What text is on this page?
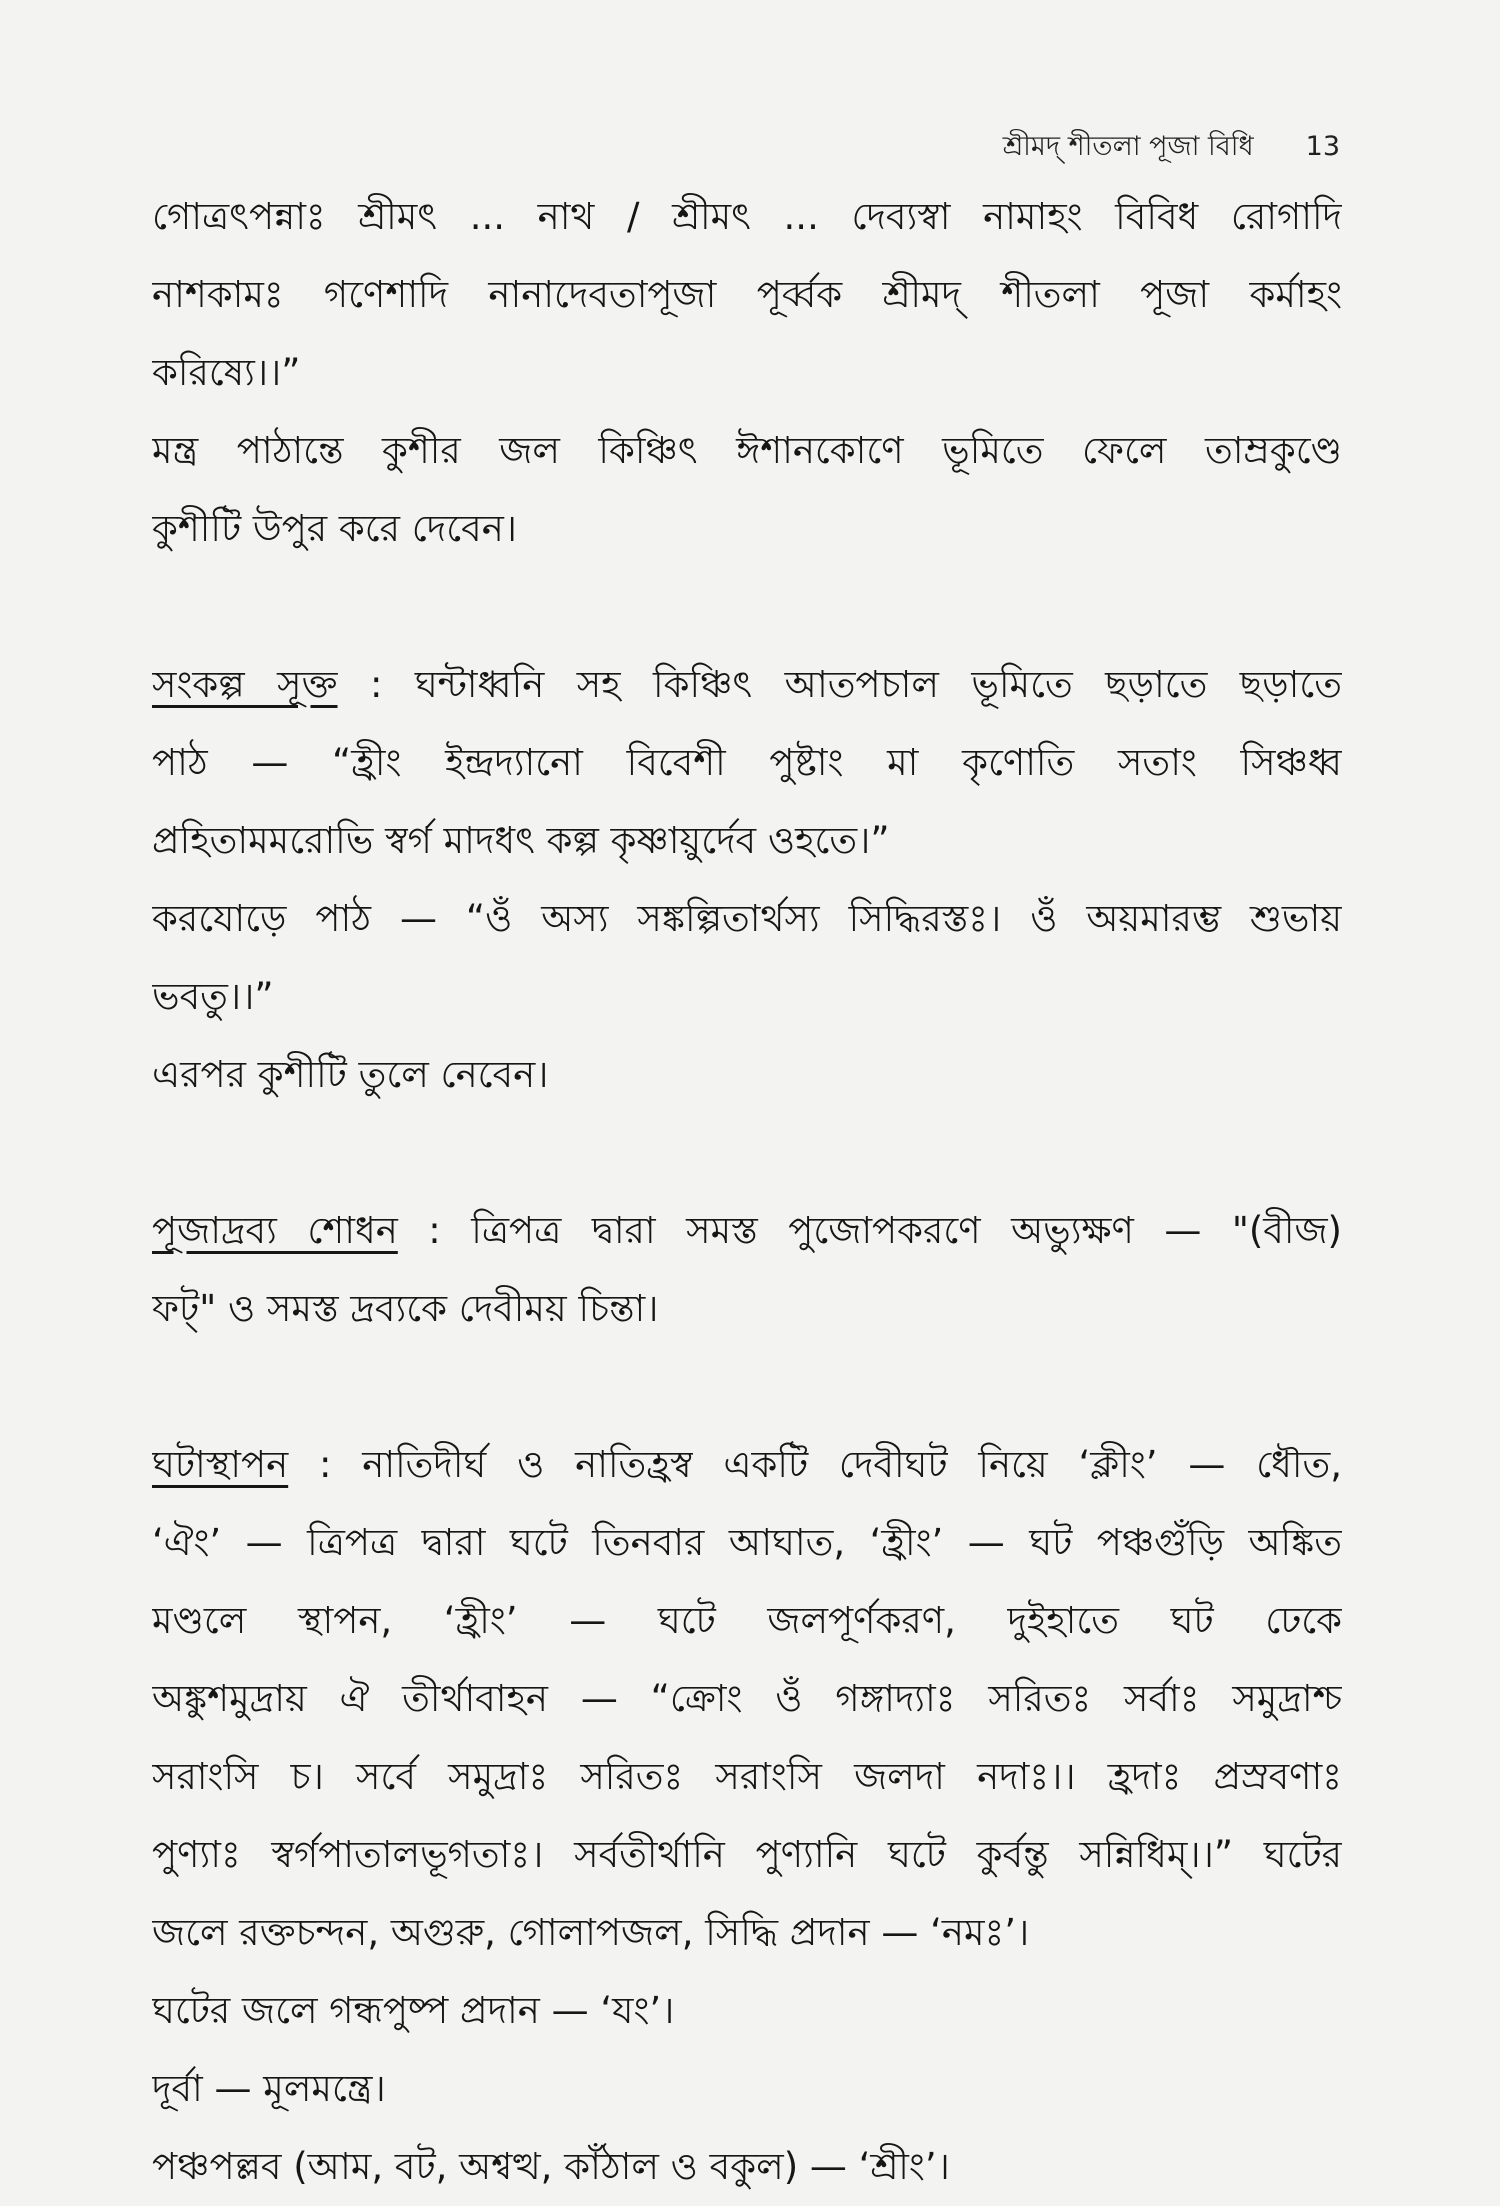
শ্রীমদ্ শীতলা পূজা বিধি 13
গোত্রৎপন্নাঃ শ্রীমৎ ... নাথ / শ্রীমৎ ... দেব্যস্বা নামাহং বিবিধ রোগাদি
নাশকামঃ গণেশাদি নানাদেবতাপূজা পূর্ব্বক শ্রীমদ্ শীতলা পূজা কর্মাহং
করিষ্যে।।”
মন্ত্র পাঠান্তে কুশীর জল কিঞ্চিৎ ঈশানকোণে ভূমিতে ফেলে তাম্রকুণ্ডে
কুশীটি উপুর করে দেবেন।
সংকল্প সূক্ত : ঘন্টাধ্বনি সহ কিঞ্চিৎ আতপচাল ভূমিতে ছড়াতে ছড়াতে
পাঠ — “হ্রীং ইন্দ্রদ্যানো বিবেশী পুষ্টাং মা কৃণোতি সতাং সিঞ্চধ্ব
প্রহিতামমরোভি স্বর্গ মাদধৎ কল্প কৃষ্ণায়ুর্দেব ওহতে।”
করযোড়ে পাঠ — “ওঁ অস্য সঙ্কল্পিতার্থস্য সিদ্ধিরস্তঃ। ওঁ অয়মারম্ভ শুভায়
ভবতু।।”
এরপর কুশীটি তুলে নেবেন।
পূজাদ্রব্য শোধন : ত্রিপত্র দ্বারা সমস্ত পুজোপকরণে অভ্যুক্ষণ — "(বীজ)
ফট্" ও সমস্ত দ্রব্যকে দেবীময় চিন্তা।
ঘটাস্থাপন : নাতিদীর্ঘ ও নাতিহ্রস্ব একটি দেবীঘট নিয়ে ‘ক্লীং’ — ধৌত,
‘ঐং’ — ত্রিপত্র দ্বারা ঘটে তিনবার আঘাত, ‘হ্রীং’ — ঘট পঞ্চগুঁড়ি অঙ্কিত
মণ্ডলে স্থাপন, ‘হ্রীং’ — ঘটে জলপূর্ণকরণ, দুইহাতে ঘট ঢেকে
অঙ্কুশমুদ্রায় ঐ তীর্থাবাহন — “ক্রোং ওঁ গঙ্গাদ্যাঃ সরিতঃ সর্বাঃ সমুদ্রাশ্চ
সরাংসি চ। সর্বে সমুদ্রাঃ সরিতঃ সরাংসি জলদা নদাঃ।। হ্রদাঃ প্রস্রবণাঃ
পুণ্যাঃ স্বর্গপাতালভূগতাঃ। সর্বতীর্থানি পুণ্যানি ঘটে কুর্বন্তু সন্নিধিম্।।” ঘটের
জলে রক্তচন্দন, অগুরু, গোলাপজল, সিদ্ধি প্রদান — ‘নমঃ’।
ঘটের জলে গন্ধপুষ্প প্রদান — ‘যং’।
দূর্বা — মূলমন্ত্রে।
পঞ্চপল্লব (আম, বট, অশ্বত্থ, কাঁঠাল ও বকুল) — ‘শ্রীং’।
